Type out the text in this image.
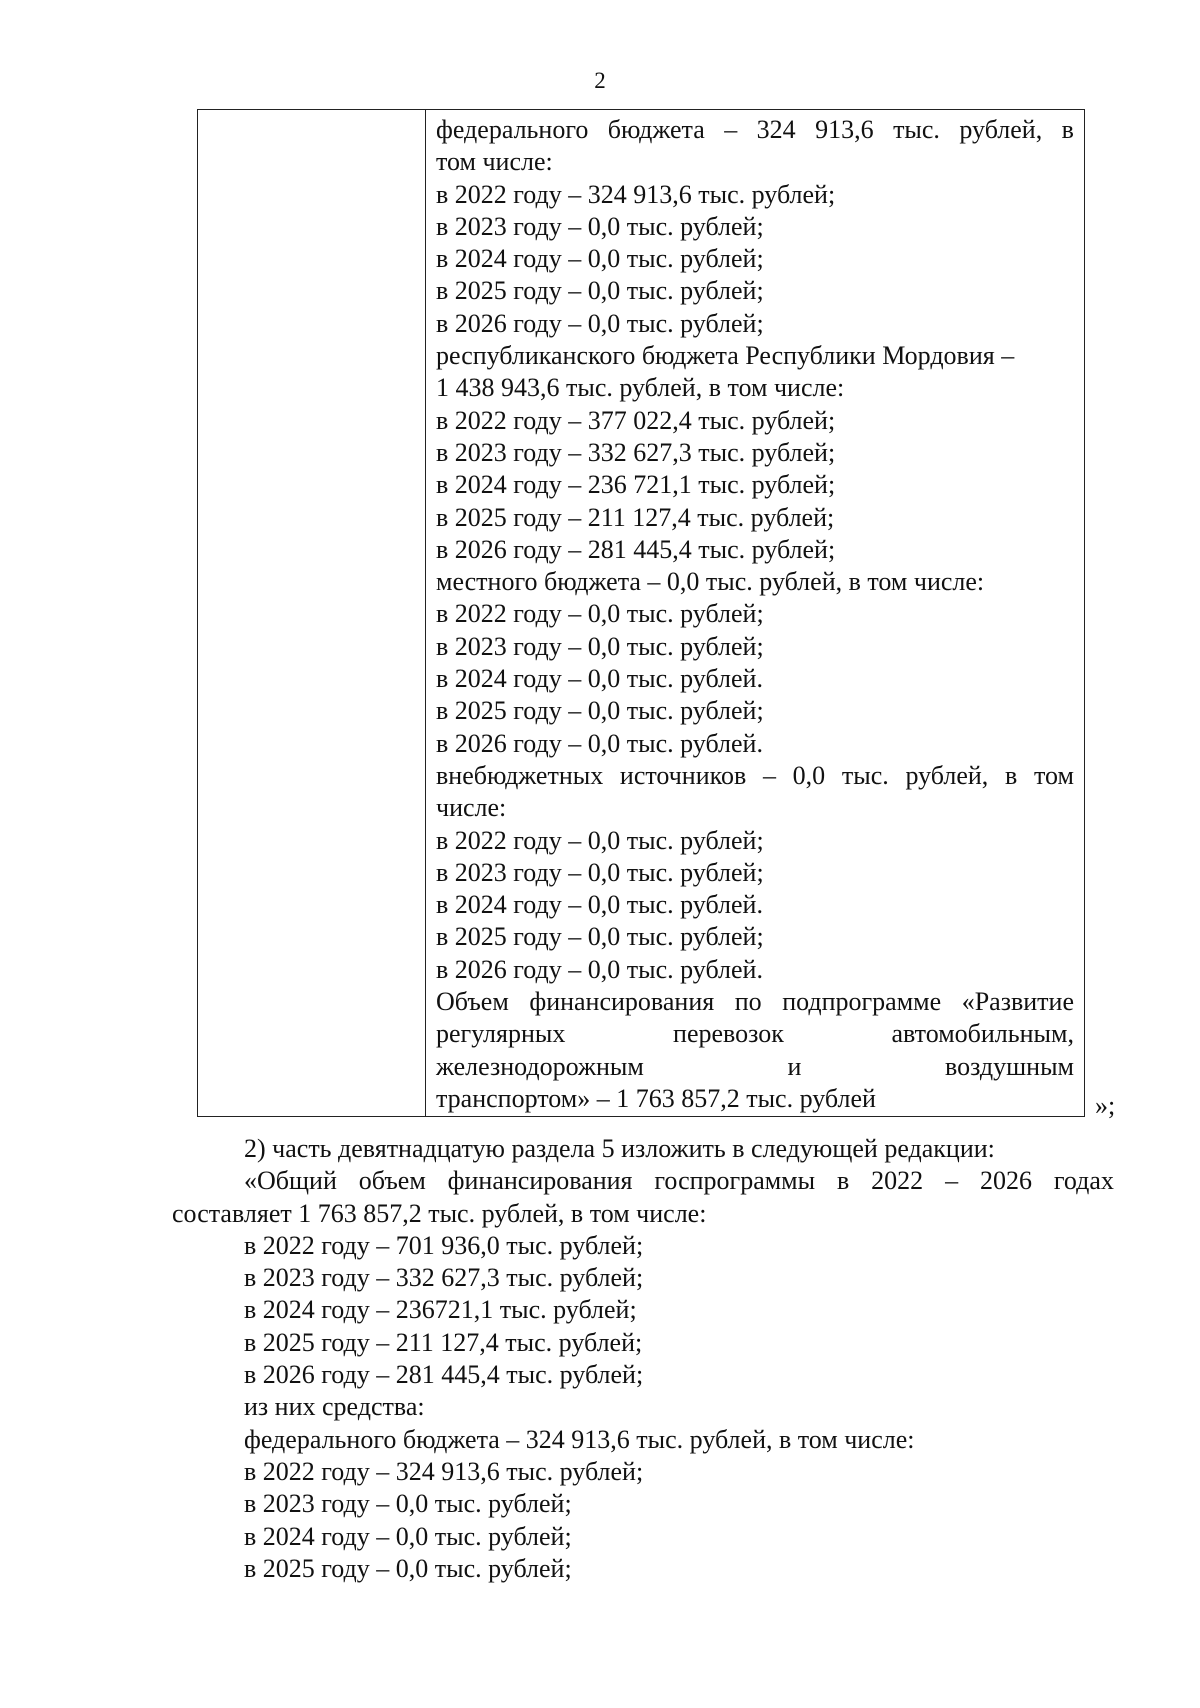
2
федерального бюджета – 324 913,6 тыс. рублей, в
том числе:
в 2022 году – 324 913,6 тыс. рублей;
в 2023 году – 0,0 тыс. рублей;
в 2024 году – 0,0 тыс. рублей;
в 2025 году – 0,0 тыс. рублей;
в 2026 году – 0,0 тыс. рублей;
республиканского бюджета Республики Мордовия –
1 438 943,6 тыс. рублей, в том числе:
в 2022 году – 377 022,4 тыс. рублей;
в 2023 году – 332 627,3 тыс. рублей;
в 2024 году – 236 721,1 тыс. рублей;
в 2025 году – 211 127,4 тыс. рублей;
в 2026 году – 281 445,4 тыс. рублей;
местного бюджета – 0,0 тыс. рублей, в том числе:
в 2022 году – 0,0 тыс. рублей;
в 2023 году – 0,0 тыс. рублей;
в 2024 году – 0,0 тыс. рублей.
в 2025 году – 0,0 тыс. рублей;
в 2026 году – 0,0 тыс. рублей.
внебюджетных источников – 0,0 тыс. рублей, в том
числе:
в 2022 году – 0,0 тыс. рублей;
в 2023 году – 0,0 тыс. рублей;
в 2024 году – 0,0 тыс. рублей.
в 2025 году – 0,0 тыс. рублей;
в 2026 году – 0,0 тыс. рублей.
Объем финансирования по подпрограмме «Развитие
регулярных	перевозок	автомобильным,
железнодорожным	и	воздушным
транспортом» – 1 763 857,2 тыс. рублей	»;
2) часть девятнадцатую раздела 5 изложить в следующей редакции:
«Общий объем финансирования госпрограммы в 2022 – 2026 годах
составляет 1 763 857,2 тыс. рублей, в том числе:
в 2022 году – 701 936,0 тыс. рублей;
в 2023 году – 332 627,3 тыс. рублей;
в 2024 году – 236721,1 тыс. рублей;
в 2025 году – 211 127,4 тыс. рублей;
в 2026 году – 281 445,4 тыс. рублей;
из них средства:
федерального бюджета – 324 913,6 тыс. рублей, в том числе:
в 2022 году – 324 913,6 тыс. рублей;
в 2023 году – 0,0 тыс. рублей;
в 2024 году – 0,0 тыс. рублей;
в 2025 году – 0,0 тыс. рублей;
